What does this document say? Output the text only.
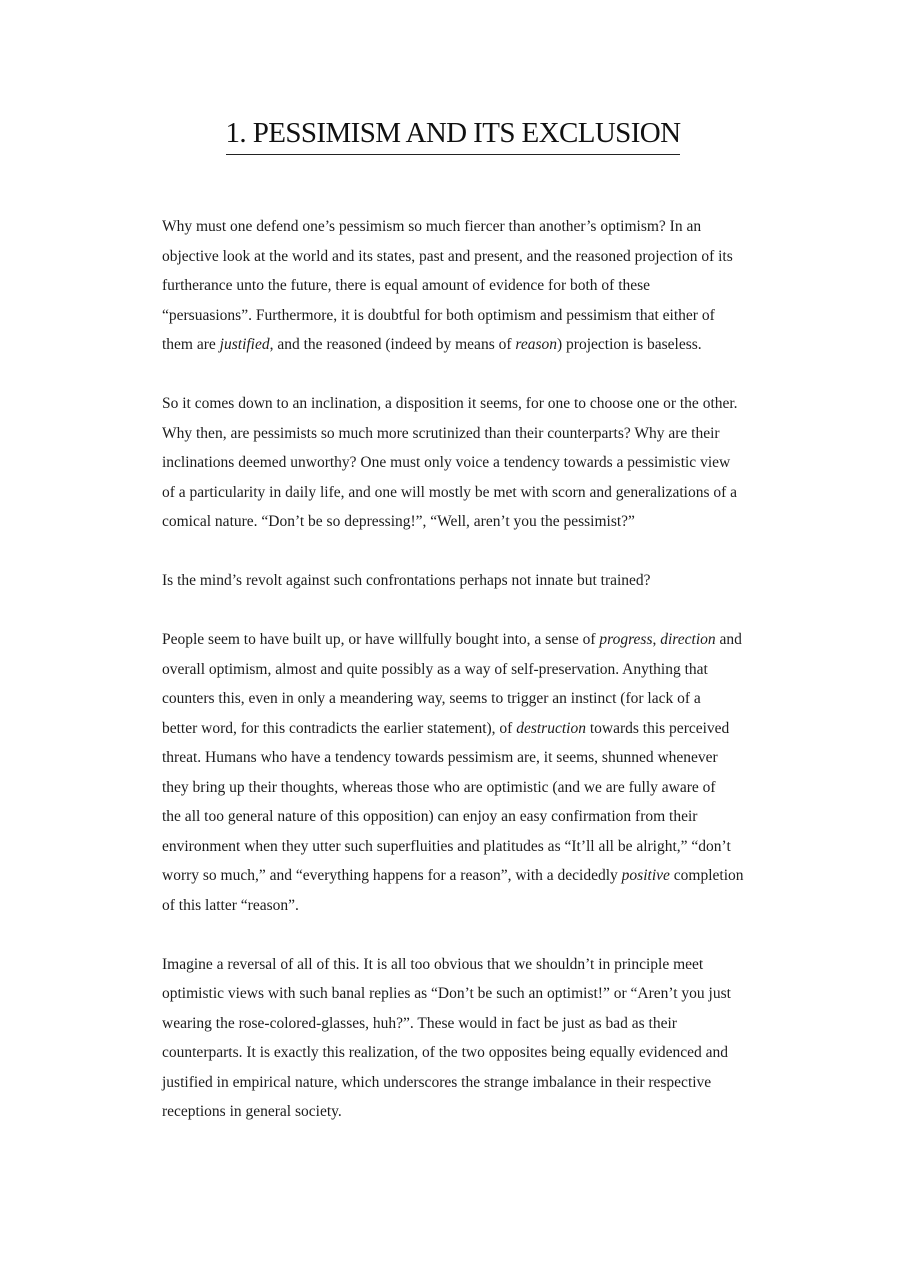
1. PESSIMISM AND ITS EXCLUSION

Why must one defend one’s pessimism so much fiercer than another’s optimism? In an
objective look at the world and its states, past and present, and the reasoned projection of its
furtherance unto the future, there is equal amount of evidence for both of these
“persuasions”. Furthermore, it is doubtful for both optimism and pessimism that either of
them are justified, and the reasoned (indeed by means of reason) projection is baseless.

So it comes down to an inclination, a disposition it seems, for one to choose one or the other.
Why then, are pessimists so much more scrutinized than their counterparts? Why are their
inclinations deemed unworthy? One must only voice a tendency towards a pessimistic view
of a particularity in daily life, and one will mostly be met with scorn and generalizations of a
comical nature. “Don’t be so depressing!”, “Well, aren’t you the pessimist?”

Is the mind’s revolt against such confrontations perhaps not innate but trained?

People seem to have built up, or have willfully bought into, a sense of progress, direction and
overall optimism, almost and quite possibly as a way of self-preservation. Anything that
counters this, even in only a meandering way, seems to trigger an instinct (for lack of a
better word, for this contradicts the earlier statement), of destruction towards this perceived
threat. Humans who have a tendency towards pessimism are, it seems, shunned whenever
they bring up their thoughts, whereas those who are optimistic (and we are fully aware of
the all too general nature of this opposition) can enjoy an easy confirmation from their
environment when they utter such superfluities and platitudes as “It’ll all be alright,” “don’t
worry so much,” and “everything happens for a reason”, with a decidedly positive completion
of this latter “reason”.

Imagine a reversal of all of this. It is all too obvious that we shouldn’t in principle meet
optimistic views with such banal replies as “Don’t be such an optimist!” or “Aren’t you just
wearing the rose-colored-glasses, huh?”. These would in fact be just as bad as their
counterparts. It is exactly this realization, of the two opposites being equally evidenced and
justified in empirical nature, which underscores the strange imbalance in their respective
receptions in general society.
